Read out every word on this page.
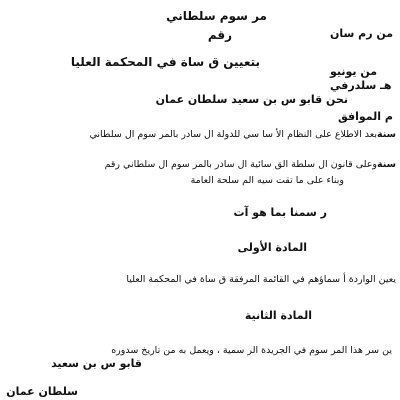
مر سوم سلطاني
رقم	من رم سان
بتعيين ق ساة في المحكمة العليا
من يونيو
هـ سلدرفي
نحن قابو س بن سعيد سلطان عمان
م الموافق
سنةبعد الاطلاع على النظام الأ سا سي للدولة ال سادر بالمر سوم ال سلطاني
سنةوعلى قانون ال سلطة الق سائية ال سادر بالمر سوم ال سلطاني رقم
وبناء على ما تقت سيه الم سلحة العامة
ر سمنا بما هو آت
المادة الأولى
يعين الواردة أ سماؤهم في القائمة المرفقة ق ساة في المحكمة العليا
المادة الثانية
ين سر هذا المر سوم في الجريدة الر سمية ، ويعمل به من تاريخ سدوره
قابو س بن سعيد
سلطان عمان
